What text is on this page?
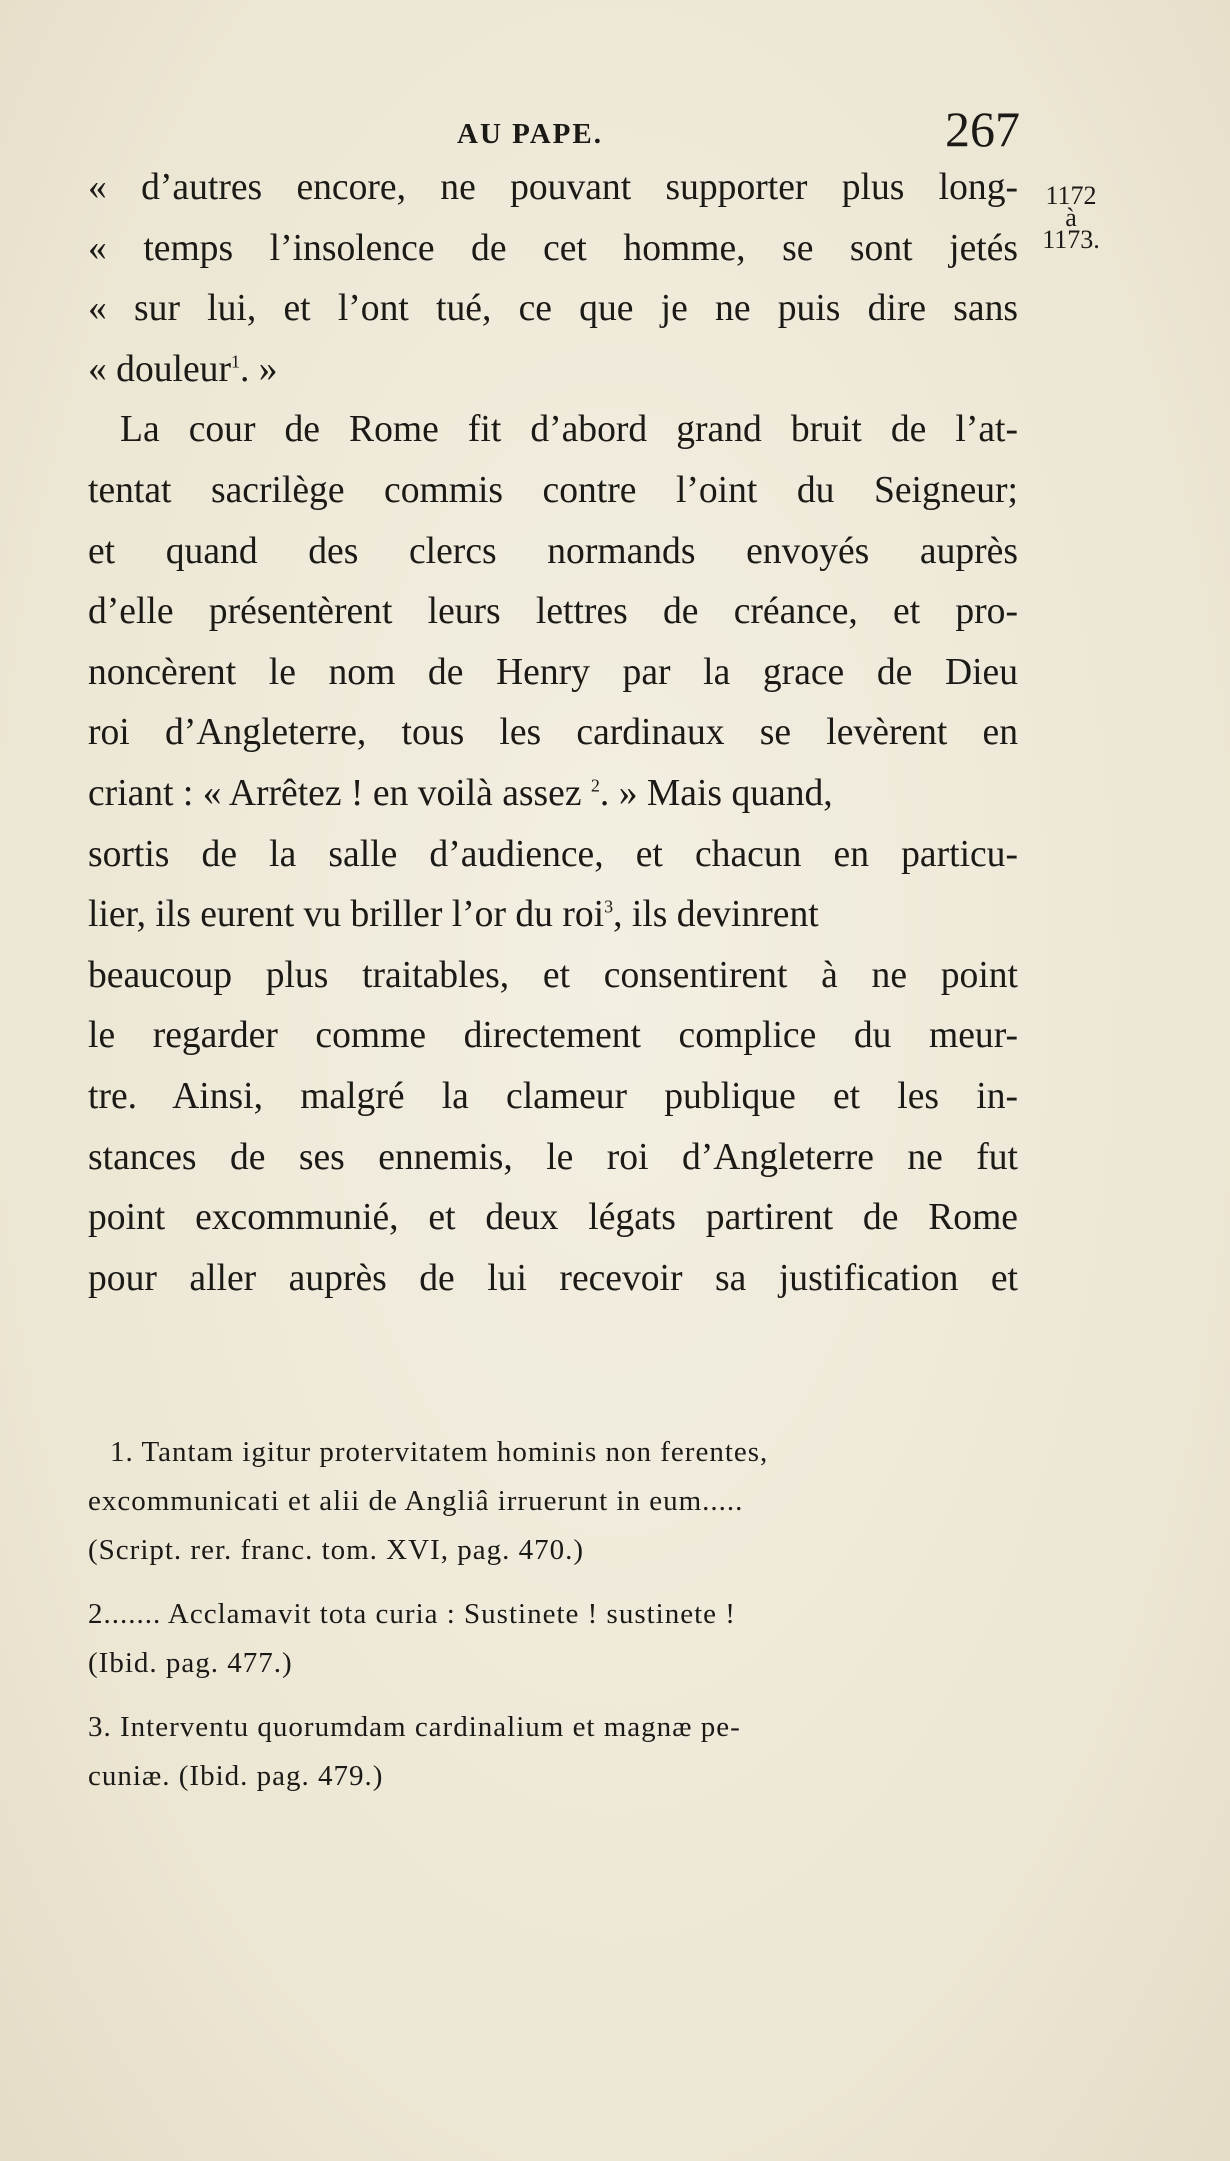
AU PAPE.	267
1172
à
1173.
« d’autres encore, ne pouvant supporter plus long-
« temps l’insolence de cet homme, se sont jetés
« sur lui, et l’ont tué, ce que je ne puis dire sans
« douleur$^1$. »
La cour de Rome fit d’abord grand bruit de l’at-
tentat sacrilège commis contre l’oint du Seigneur;
et quand des clercs normands envoyés auprès
d’elle présentèrent leurs lettres de créance, et pro-
noncèrent le nom de Henry par la grace de Dieu
roi d’Angleterre, tous les cardinaux se levèrent en
criant : « Arrêtez ! en voilà assez $^2$. » Mais quand,
sortis de la salle d’audience, et chacun en particu-
lier, ils eurent vu briller l’or du roi$^3$, ils devinrent
beaucoup plus traitables, et consentirent à ne point
le regarder comme directement complice du meur-
tre. Ainsi, malgré la clameur publique et les in-
stances de ses ennemis, le roi d’Angleterre ne fut
point excommunié, et deux légats partirent de Rome
pour aller auprès de lui recevoir sa justification et
1. Tantam igitur protervitatem hominis non ferentes,
excommunicati et alii de Angliâ irruerunt in eum.....
(Script. rer. franc. tom. XVI, pag. 470.)
2....... Acclamavit tota curia : Sustinete ! sustinete !
(Ibid. pag. 477.)
3. Interventu quorumdam cardinalium et magnæ pe-
cuniæ. (Ibid. pag. 479.)
